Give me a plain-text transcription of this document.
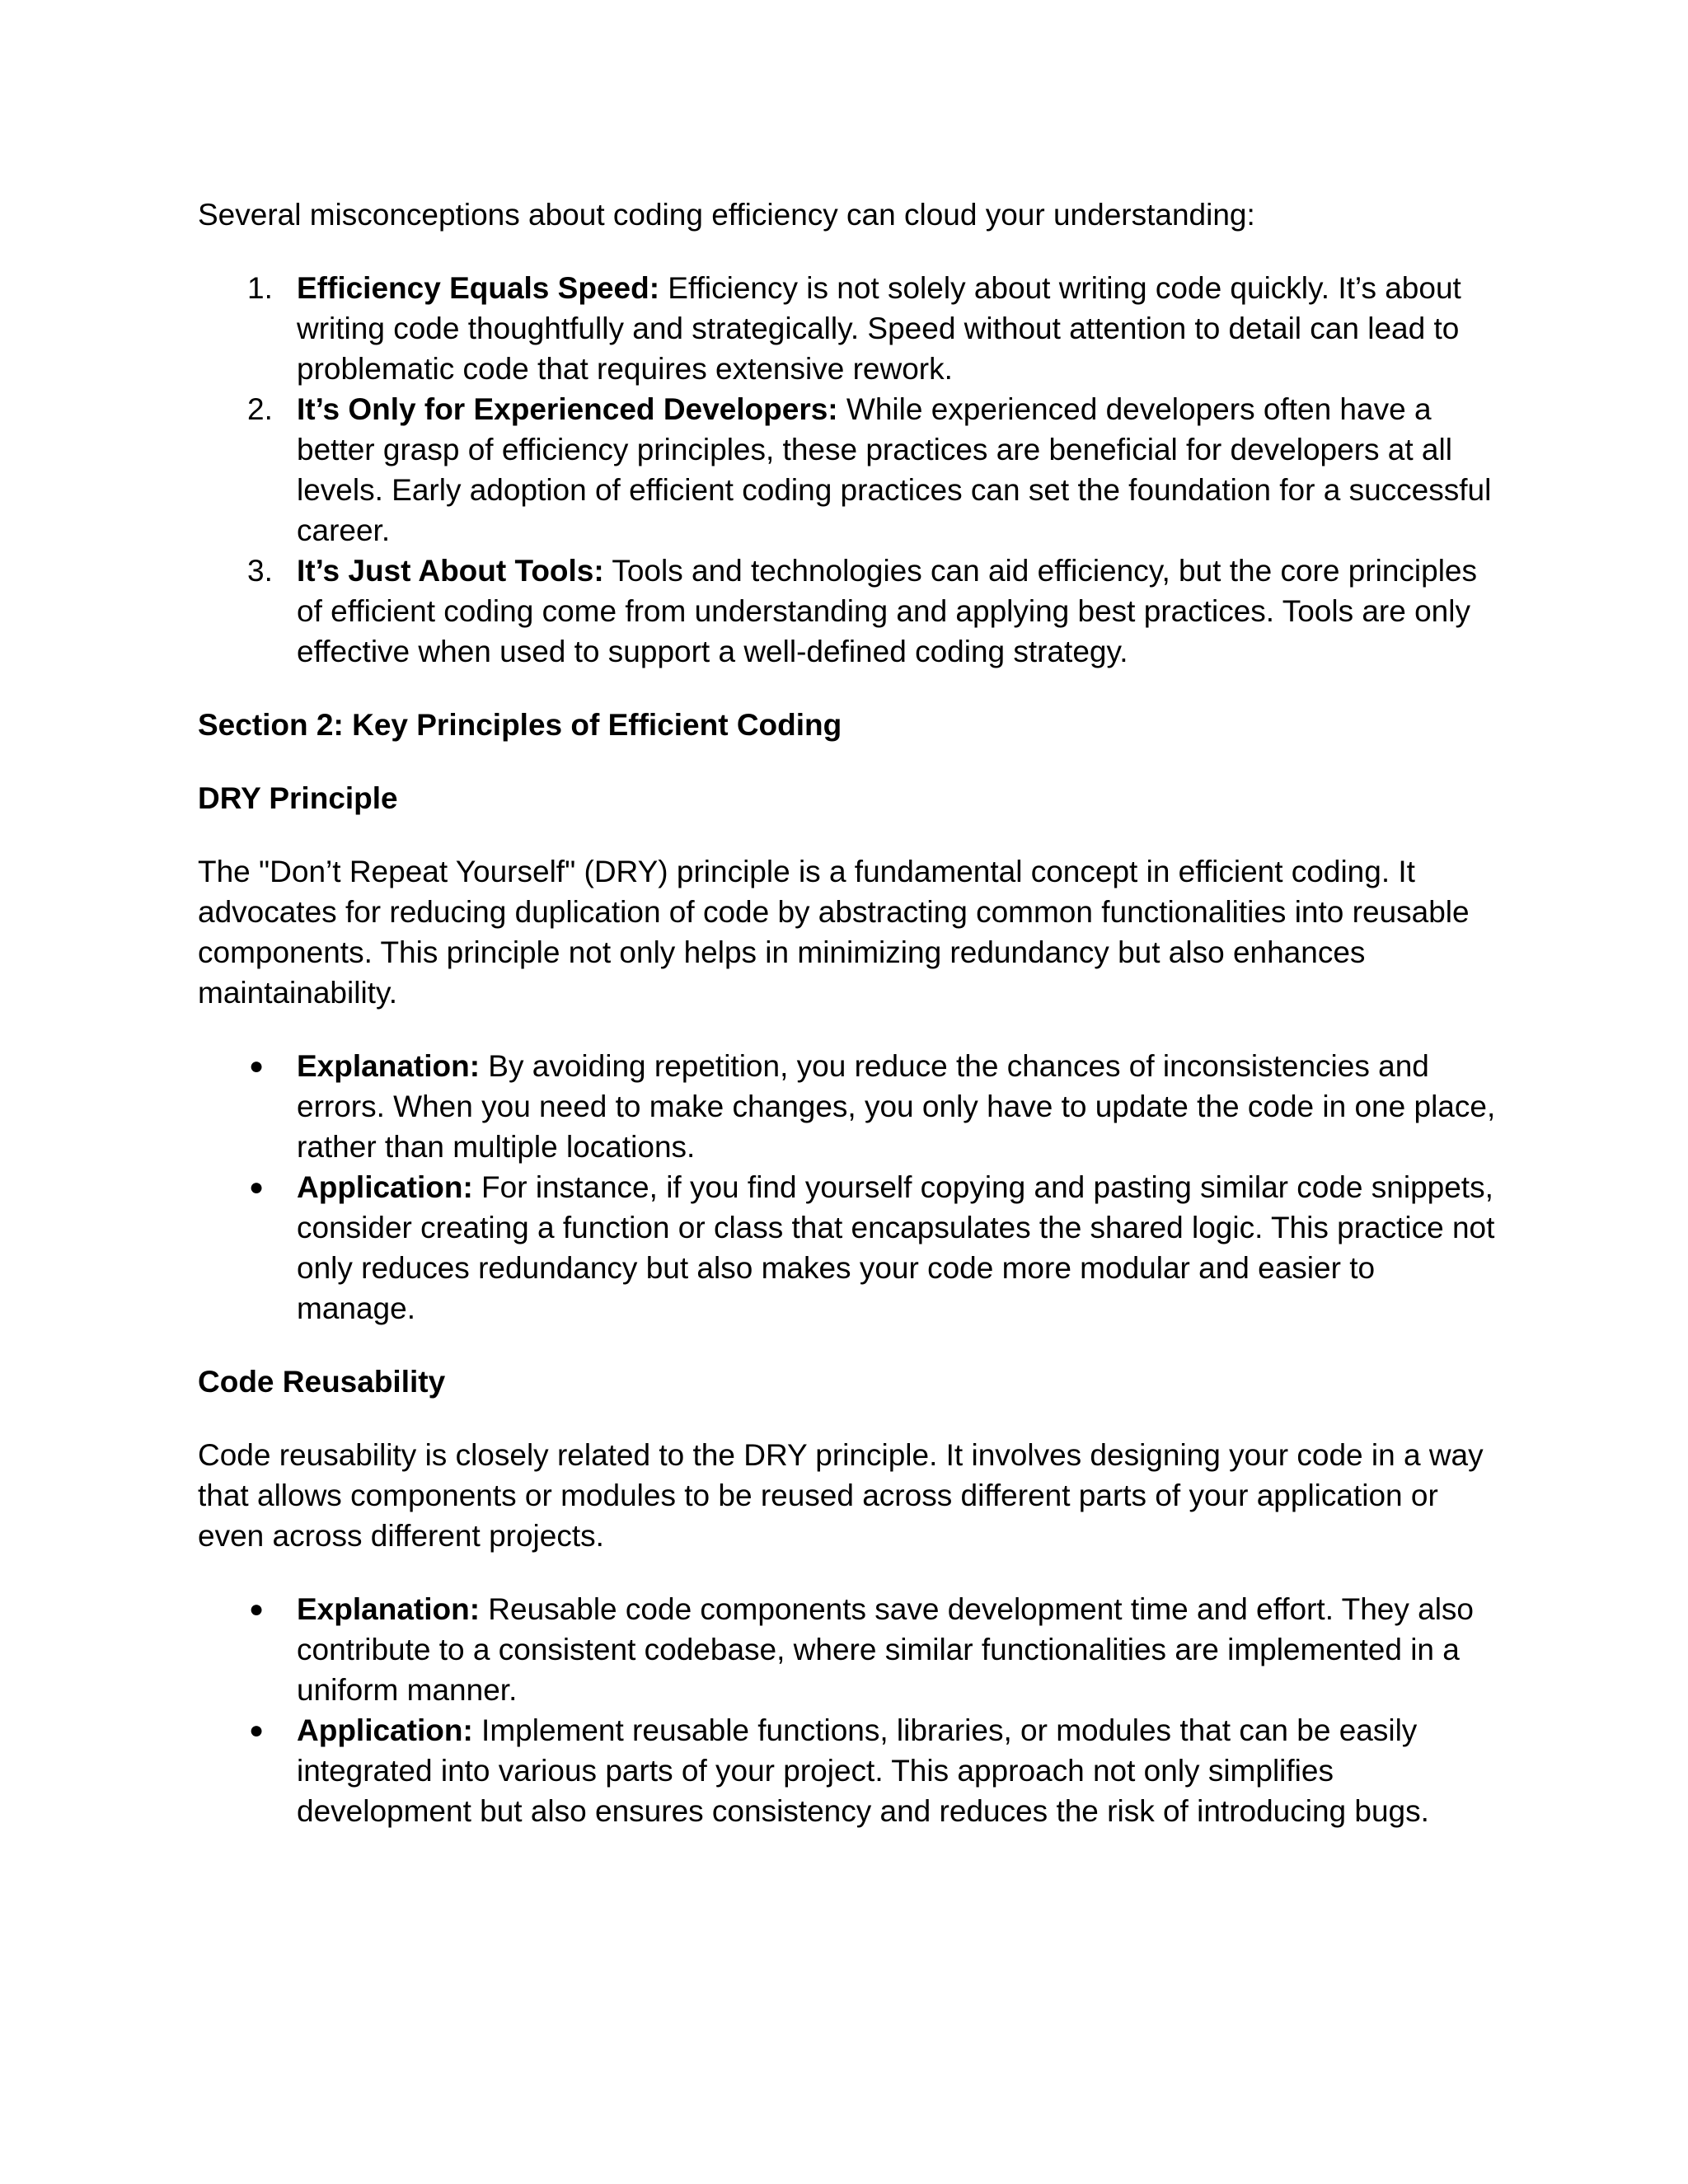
Several misconceptions about coding efficiency can cloud your understanding:

1. Efficiency Equals Speed: Efficiency is not solely about writing code quickly. It’s about writing code thoughtfully and strategically. Speed without attention to detail can lead to problematic code that requires extensive rework.
2. It’s Only for Experienced Developers: While experienced developers often have a better grasp of efficiency principles, these practices are beneficial for developers at all levels. Early adoption of efficient coding practices can set the foundation for a successful career.
3. It’s Just About Tools: Tools and technologies can aid efficiency, but the core principles of efficient coding come from understanding and applying best practices. Tools are only effective when used to support a well-defined coding strategy.

Section 2: Key Principles of Efficient Coding

DRY Principle

The "Don’t Repeat Yourself" (DRY) principle is a fundamental concept in efficient coding. It advocates for reducing duplication of code by abstracting common functionalities into reusable components. This principle not only helps in minimizing redundancy but also enhances maintainability.

●	Explanation: By avoiding repetition, you reduce the chances of inconsistencies and errors. When you need to make changes, you only have to update the code in one place, rather than multiple locations.
●	Application: For instance, if you find yourself copying and pasting similar code snippets, consider creating a function or class that encapsulates the shared logic. This practice not only reduces redundancy but also makes your code more modular and easier to manage.

Code Reusability

Code reusability is closely related to the DRY principle. It involves designing your code in a way that allows components or modules to be reused across different parts of your application or even across different projects.

●	Explanation: Reusable code components save development time and effort. They also contribute to a consistent codebase, where similar functionalities are implemented in a uniform manner.
●	Application: Implement reusable functions, libraries, or modules that can be easily integrated into various parts of your project. This approach not only simplifies development but also ensures consistency and reduces the risk of introducing bugs.
